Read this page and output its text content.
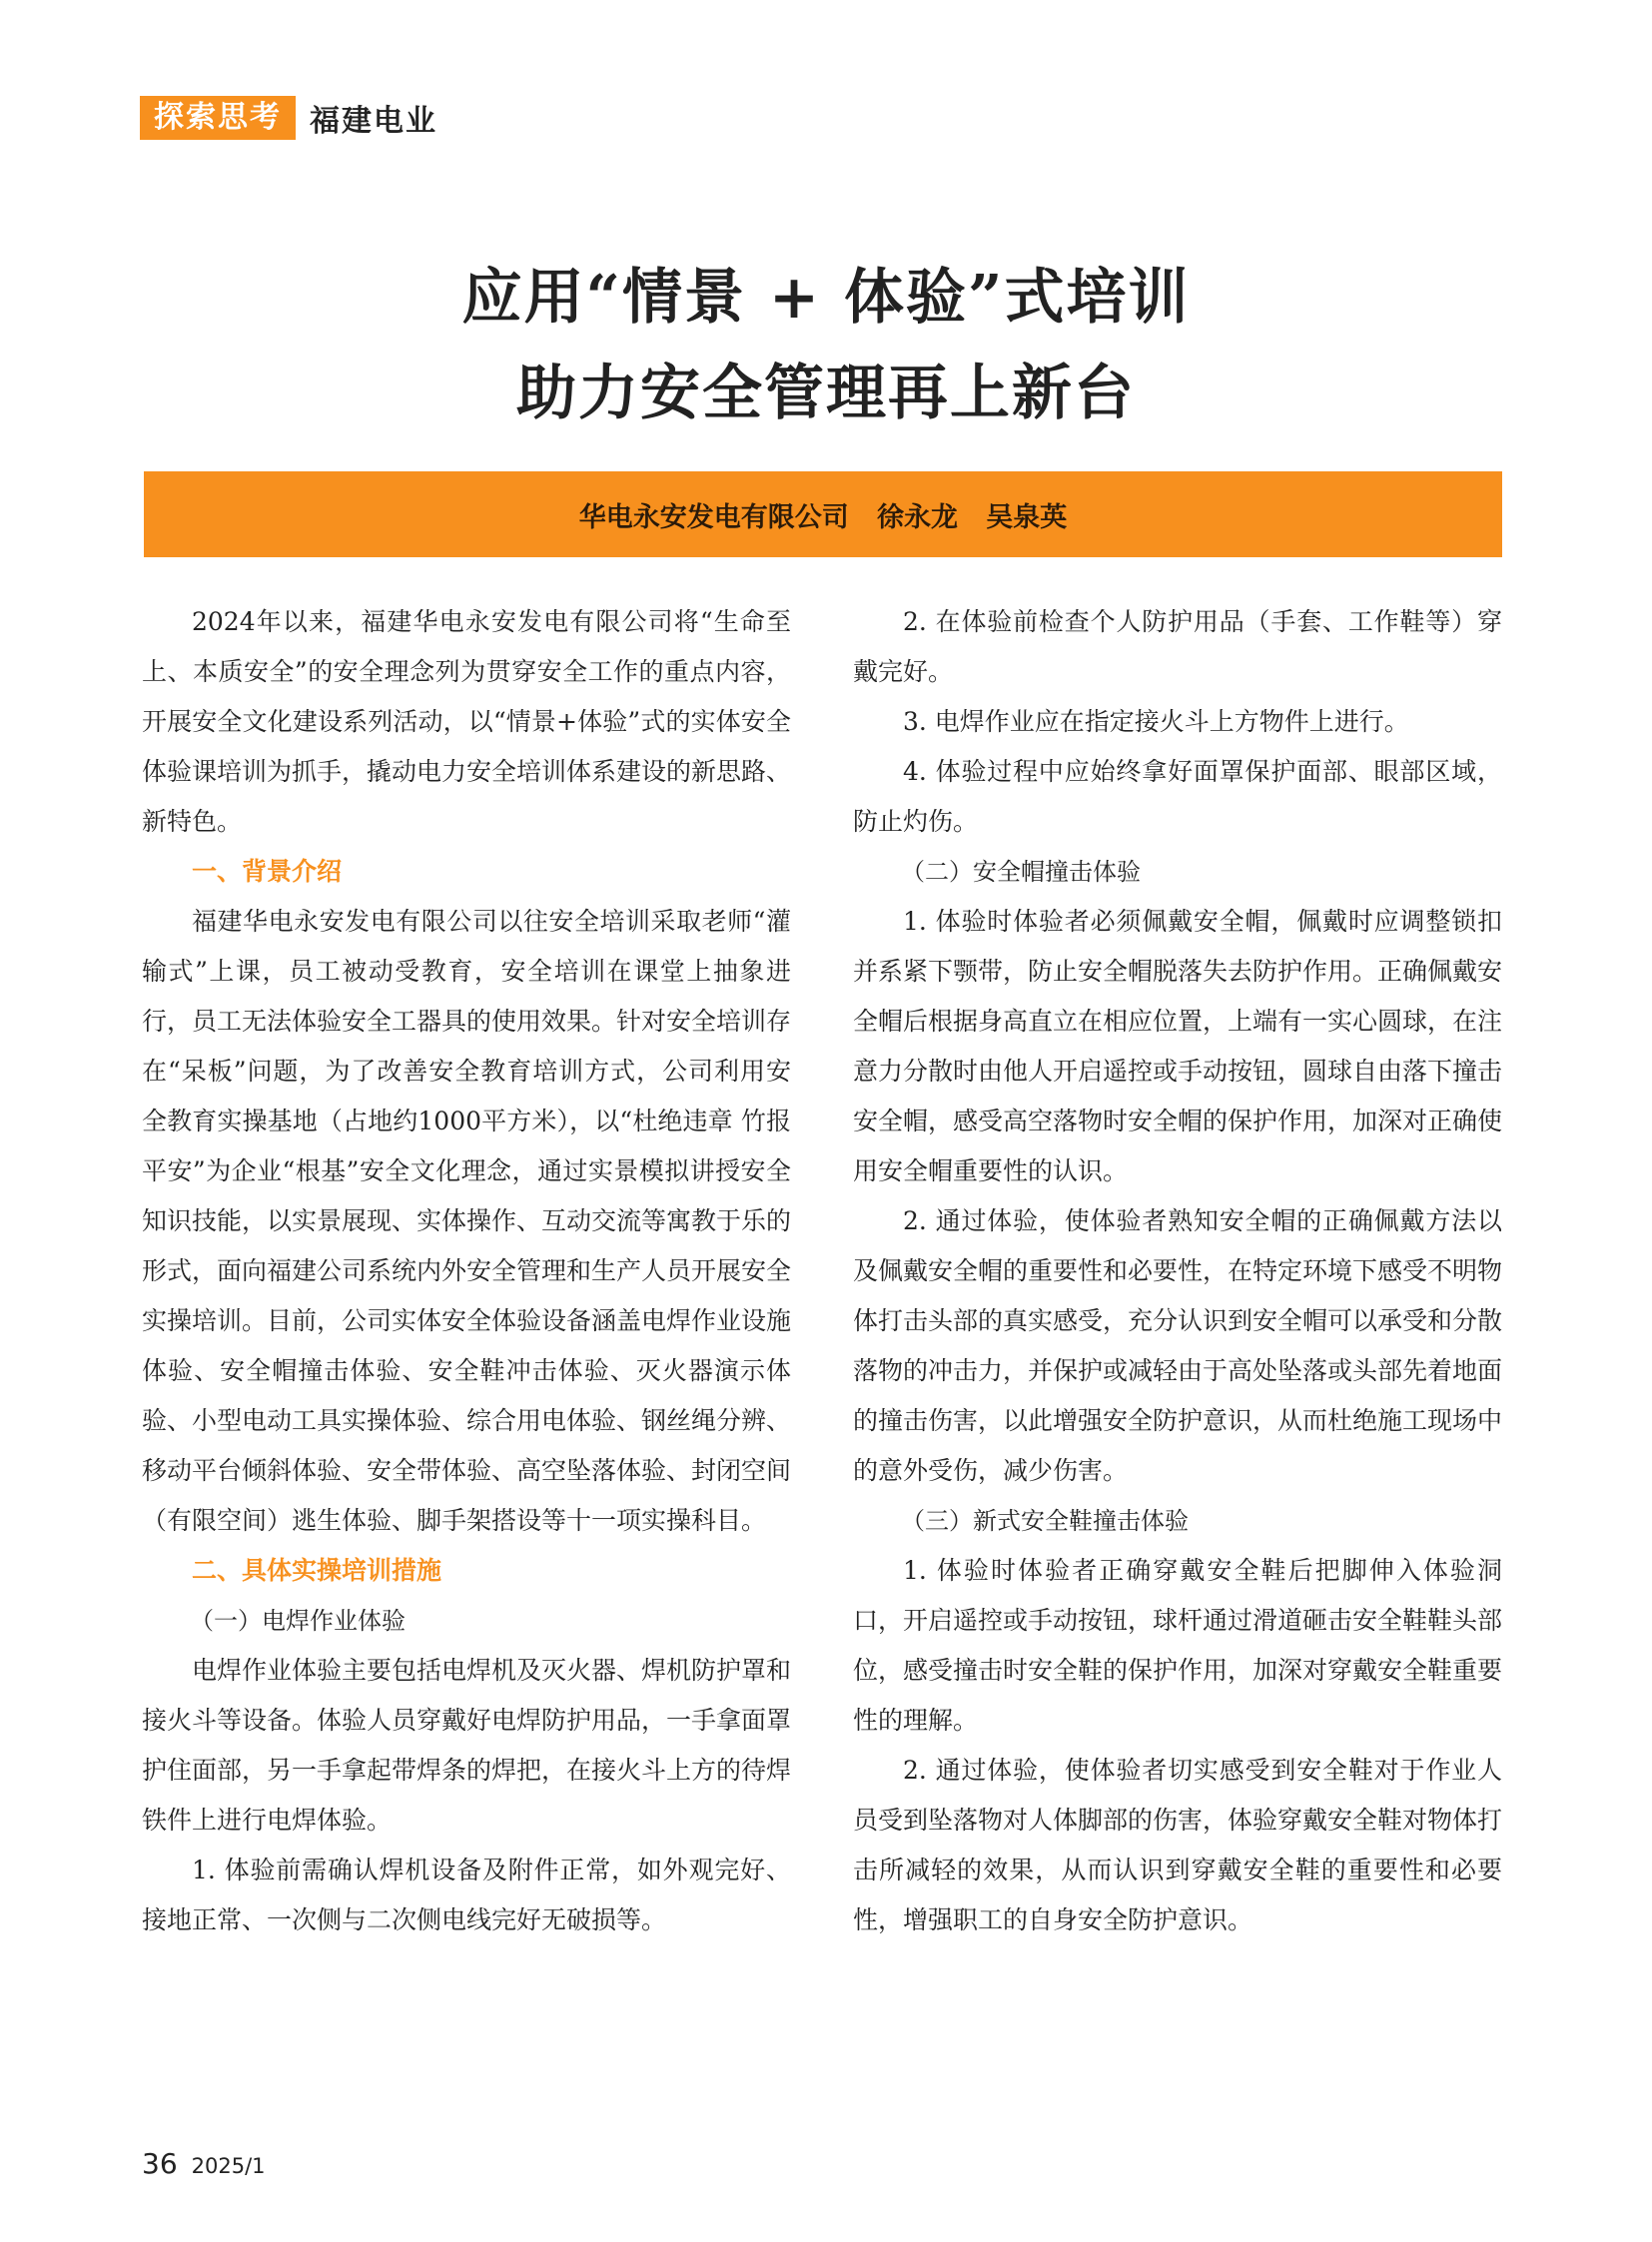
探索思考 福建电业
应用“情景 + 体验”式培训
助力安全管理再上新台
华电永安发电有限公司   徐永龙   吴泉英

2024年以来，福建华电永安发电有限公司将“生命至上、本质安全”的安全理念列为贯穿安全工作的重点内容，开展安全文化建设系列活动，以“情景+体验”式的实体安全体验课培训为抓手，撬动电力安全培训体系建设的新思路、新特色。

一、背景介绍

福建华电永安发电有限公司以往安全培训采取老师“灌输式”上课，员工被动受教育，安全培训在课堂上抽象进行，员工无法体验安全工器具的使用效果。针对安全培训存在“呆板”问题，为了改善安全教育培训方式，公司利用安全教育实操基地（占地约1000平方米），以“杜绝违章 竹报平安”为企业“根基”安全文化理念，通过实景模拟讲授安全知识技能，以实景展现、实体操作、互动交流等寓教于乐的形式，面向福建公司系统内外安全管理和生产人员开展安全实操培训。目前，公司实体安全体验设备涵盖电焊作业设施体验、安全帽撞击体验、安全鞋冲击体验、灭火器演示体验、小型电动工具实操体验、综合用电体验、钢丝绳分辨、移动平台倾斜体验、安全带体验、高空坠落体验、封闭空间（有限空间）逃生体验、脚手架搭设等十一项实操科目。

二、具体实操培训措施

（一）电焊作业体验

电焊作业体验主要包括电焊机及灭火器、焊机防护罩和接火斗等设备。体验人员穿戴好电焊防护用品，一手拿面罩护住面部，另一手拿起带焊条的焊把，在接火斗上方的待焊铁件上进行电焊体验。

1. 体验前需确认焊机设备及附件正常，如外观完好、接地正常、一次侧与二次侧电线完好无破损等。

2. 在体验前检查个人防护用品（手套、工作鞋等）穿戴完好。

3. 电焊作业应在指定接火斗上方物件上进行。

4. 体验过程中应始终拿好面罩保护面部、眼部区域，防止灼伤。

（二）安全帽撞击体验

1. 体验时体验者必须佩戴安全帽，佩戴时应调整锁扣并系紧下颚带，防止安全帽脱落失去防护作用。正确佩戴安全帽后根据身高直立在相应位置，上端有一实心圆球，在注意力分散时由他人开启遥控或手动按钮，圆球自由落下撞击安全帽，感受高空落物时安全帽的保护作用，加深对正确使用安全帽重要性的认识。

2. 通过体验，使体验者熟知安全帽的正确佩戴方法以及佩戴安全帽的重要性和必要性，在特定环境下感受不明物体打击头部的真实感受，充分认识到安全帽可以承受和分散落物的冲击力，并保护或减轻由于高处坠落或头部先着地面的撞击伤害，以此增强安全防护意识，从而杜绝施工现场中的意外受伤，减少伤害。

（三）新式安全鞋撞击体验

1. 体验时体验者正确穿戴安全鞋后把脚伸入体验洞口，开启遥控或手动按钮，球杆通过滑道砸击安全鞋鞋头部位，感受撞击时安全鞋的保护作用，加深对穿戴安全鞋重要性的理解。

2. 通过体验，使体验者切实感受到安全鞋对于作业人员受到坠落物对人体脚部的伤害，体验穿戴安全鞋对物体打击所减轻的效果，从而认识到穿戴安全鞋的重要性和必要性，增强职工的自身安全防护意识。

36 2025/1
